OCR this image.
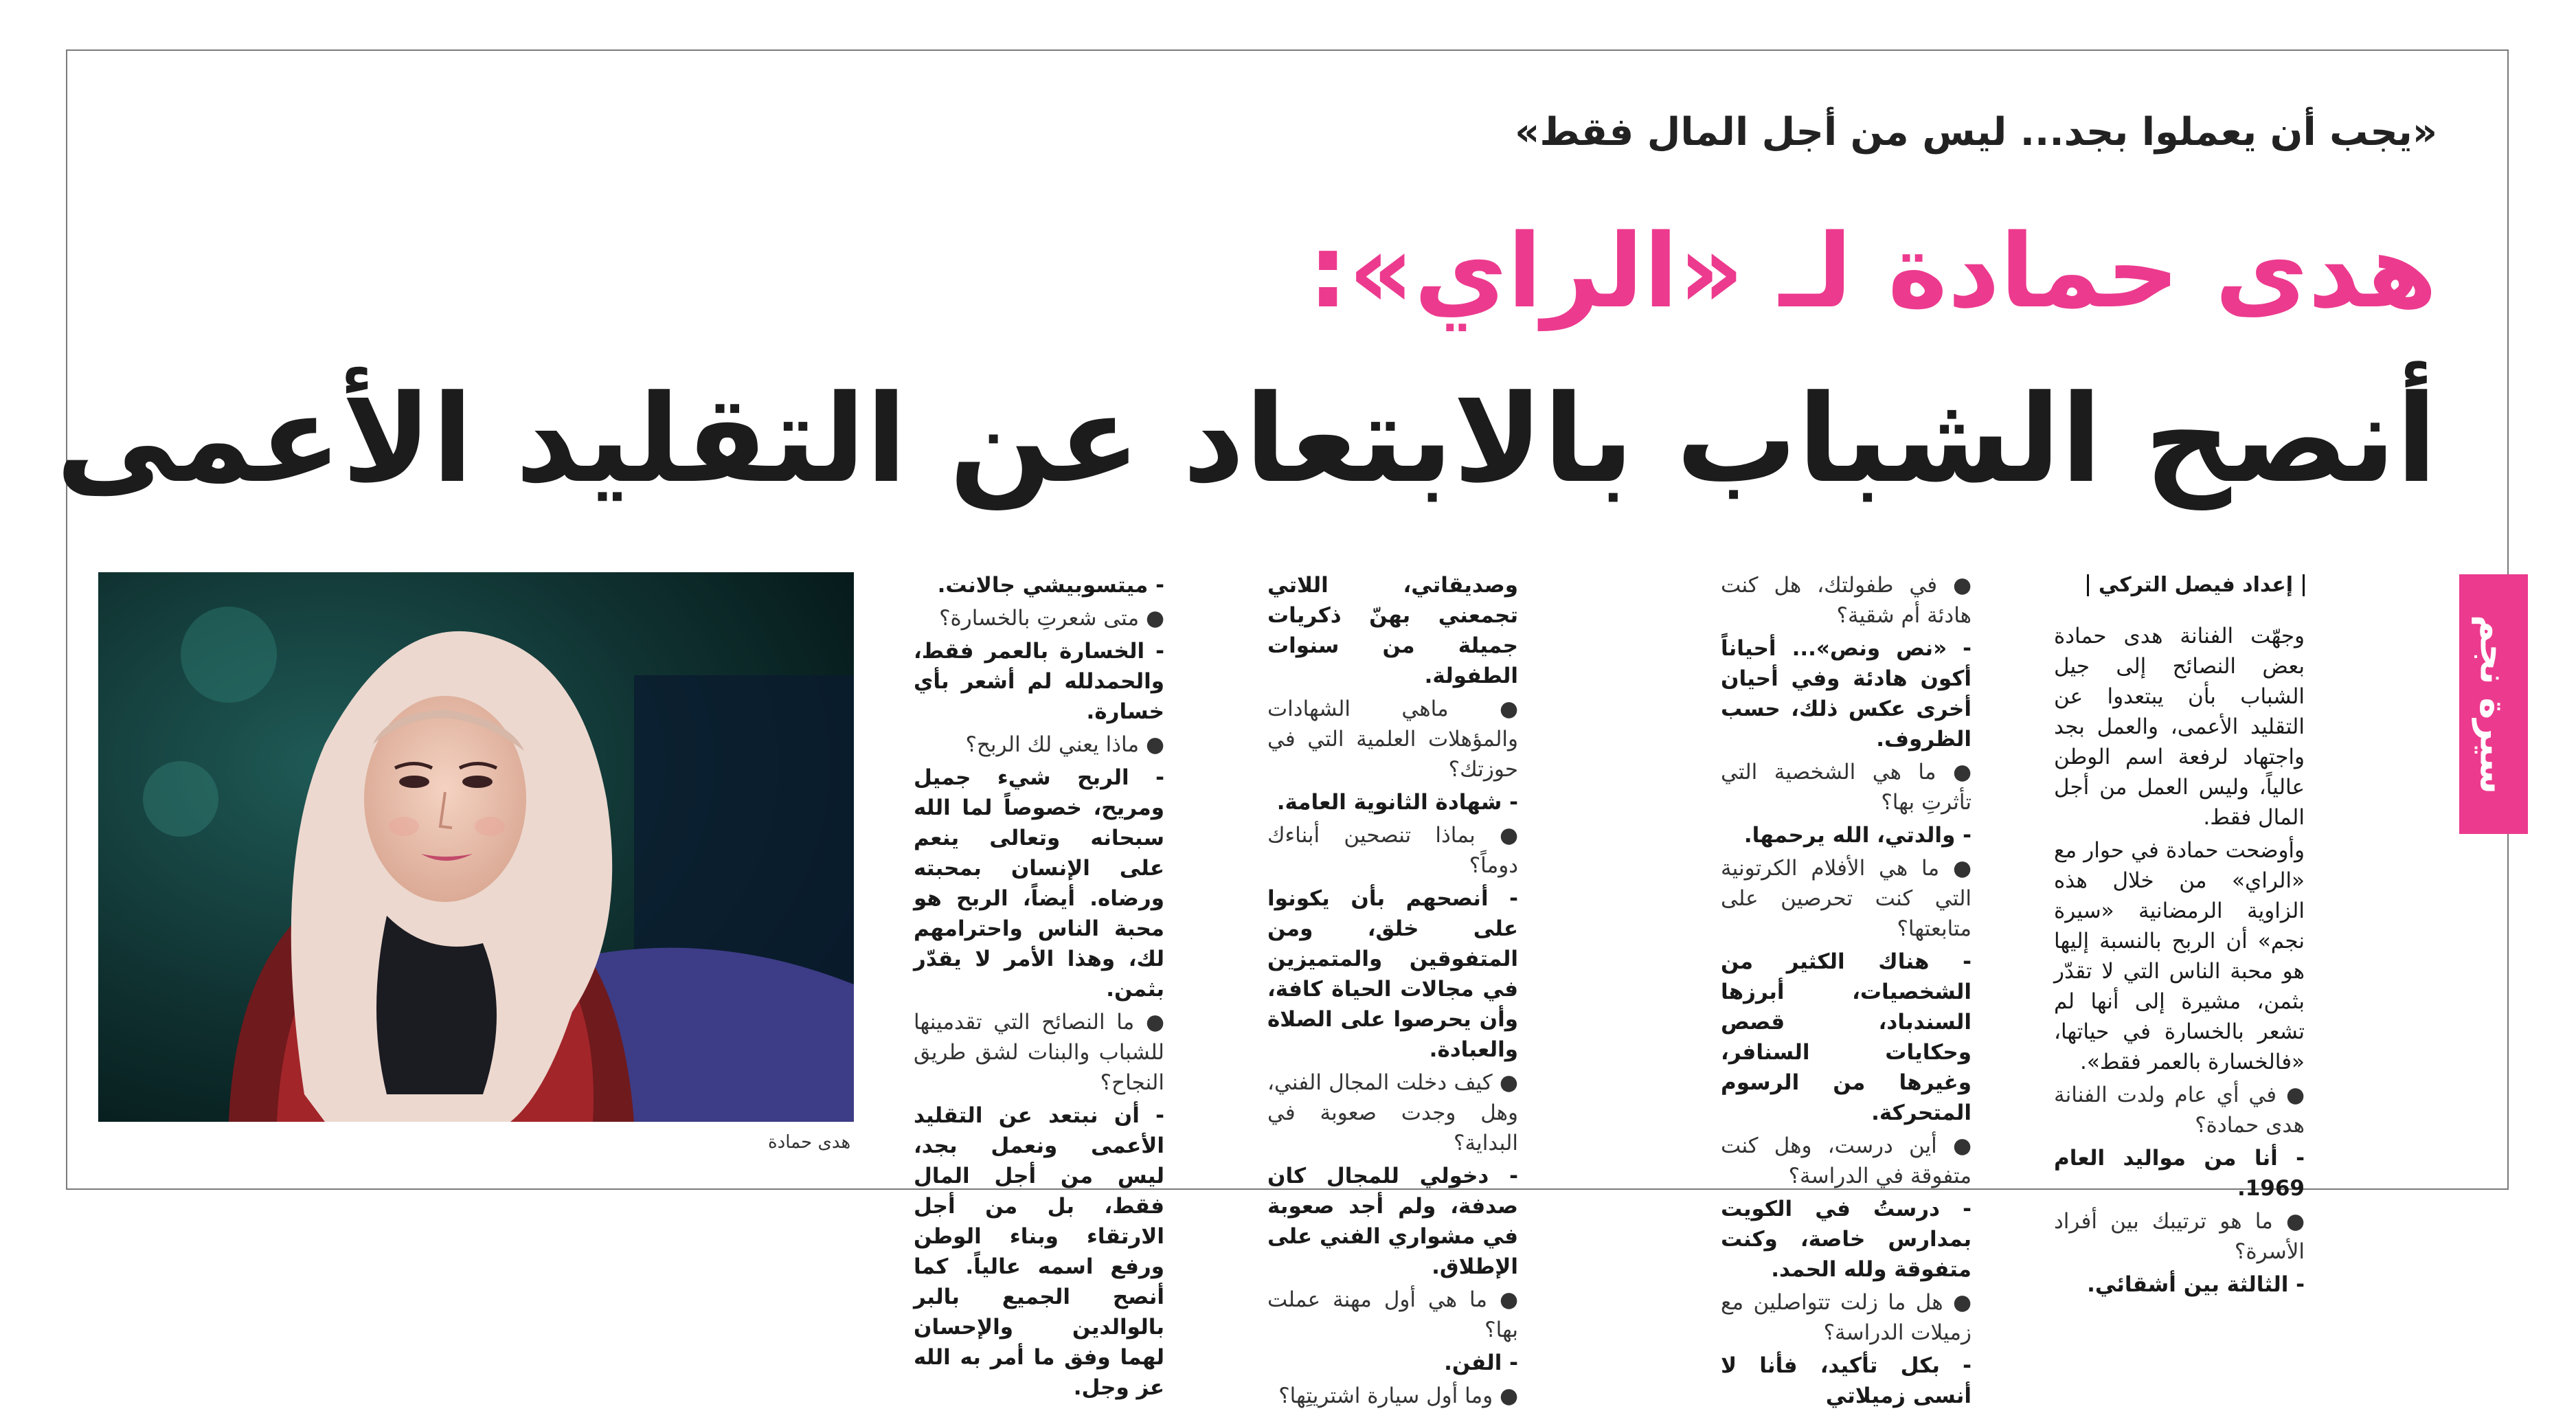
«يجب أن يعملوا بجد... ليس من أجل المال فقط»
هدى حمادة لـ «الراي»:
أنصح الشباب بالابتعاد عن التقليد الأعمى
سيرة نجم
إعداد فيصل التركي

وجهّت الفنانة هدى حمادة بعض النصائح إلى جيل الشباب بأن يبتعدوا عن التقليد الأعمى، والعمل بجد واجتهاد لرفعة اسم الوطن عالياً، وليس العمل من أجل المال فقط.

وأوضحت حمادة في حوار مع «الراي» من خلال هذه الزاوية الرمضانية «سيرة نجم» أن الربح بالنسبة إليها هو محبة الناس التي لا تقدّر بثمن، مشيرة إلى أنها لم تشعر بالخسارة في حياتها، «فالخسارة بالعمر فقط».

● في أي عام ولدت الفنانة هدى حمادة؟

- أنا من مواليد العام 1969.

● ما هو ترتيبك بين أفراد الأسرة؟

- الثالثة بين أشقائي.

● في طفولتك، هل كنت هادئة أم شقية؟

- «نص ونص»... أحياناً أكون هادئة وفي أحيان أخرى عكس ذلك، حسب الظروف.

● ما هي الشخصية التي تأثرتِ بها؟

- والدتي، الله يرحمها.

● ما هي الأفلام الكرتونية التي كنت تحرصين على متابعتها؟

- هناك الكثير من الشخصيات، أبرزها السندباد، قصص وحكايات السنافر، وغيرها من الرسوم المتحركة.

● أين درست، وهل كنت متفوقة في الدراسة؟

- درستُ في الكويت بمدارس خاصة، وكنت متفوقة ولله الحمد.

● هل ما زلت تتواصلين مع زميلات الدراسة؟

- بكل تأكيد، فأنا لا أنسى زميلاتي

وصديقاتي، اللاتي تجمعني بهنّ ذكريات جميلة من سنوات الطفولة.

● ماهي الشهادات والمؤهلات العلمية التي في حوزتك؟

- شهادة الثانوية العامة.

● بماذا تنصحين أبناءك دوماً؟

- أنصحهم بأن يكونوا على خلق، ومن المتفوقين والمتميزين في مجالات الحياة كافة، وأن يحرصوا على الصلاة والعبادة.

● كيف دخلت المجال الفني، وهل وجدت صعوبة في البداية؟

- دخولي للمجال كان صدفة، ولم أجد صعوبة في مشواري الفني على الإطلاق.

● ما هي أول مهنة عملت بها؟

- الفن.

● وما أول سيارة اشتريتِها؟

- ميتسوبيشي جالانت.

● متى شعرتِ بالخسارة؟

- الخسارة بالعمر فقط، والحمدلله لم أشعر بأي خسارة.

● ماذا يعني لك الربح؟

- الربح شيء جميل ومريح، خصوصاً لما الله سبحانه وتعالى ينعم على الإنسان بمحبته ورضاه. أيضاً، الربح هو محبة الناس واحترامهم لك، وهذا الأمر لا يقدّر بثمن.

● ما النصائح التي تقدمينها للشباب والبنات لشق طريق النجاح؟

- أن نبتعد عن التقليد الأعمى ونعمل بجد، ليس من أجل المال فقط، بل من أجل الارتقاء وبناء الوطن ورفع اسمه عالياً. كما أنصح الجميع بالبر بالوالدين والإحسان لهما وفق ما أمر به الله عز وجل.

هدى حمادة
